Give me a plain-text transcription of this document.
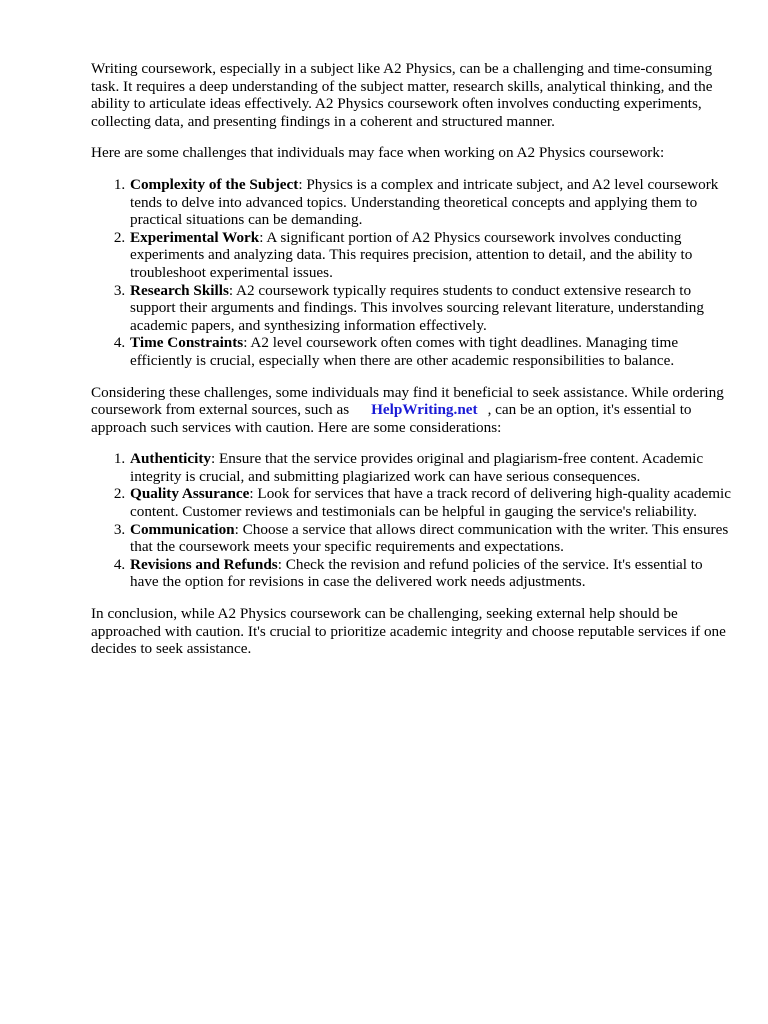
Writing coursework, especially in a subject like A2 Physics, can be a challenging and time-consuming task. It requires a deep understanding of the subject matter, research skills, analytical thinking, and the ability to articulate ideas effectively. A2 Physics coursework often involves conducting experiments, collecting data, and presenting findings in a coherent and structured manner.

Here are some challenges that individuals may face when working on A2 Physics coursework:

1. Complexity of the Subject: Physics is a complex and intricate subject, and A2 level coursework tends to delve into advanced topics. Understanding theoretical concepts and applying them to practical situations can be demanding.
2. Experimental Work: A significant portion of A2 Physics coursework involves conducting experiments and analyzing data. This requires precision, attention to detail, and the ability to troubleshoot experimental issues.
3. Research Skills: A2 coursework typically requires students to conduct extensive research to support their arguments and findings. This involves sourcing relevant literature, understanding academic papers, and synthesizing information effectively.
4. Time Constraints: A2 level coursework often comes with tight deadlines. Managing time efficiently is crucial, especially when there are other academic responsibilities to balance.

Considering these challenges, some individuals may find it beneficial to seek assistance. While ordering coursework from external sources, such as HelpWriting.net , can be an option, it's essential to approach such services with caution. Here are some considerations:

1. Authenticity: Ensure that the service provides original and plagiarism-free content. Academic integrity is crucial, and submitting plagiarized work can have serious consequences.
2. Quality Assurance: Look for services that have a track record of delivering high-quality academic content. Customer reviews and testimonials can be helpful in gauging the service's reliability.
3. Communication: Choose a service that allows direct communication with the writer. This ensures that the coursework meets your specific requirements and expectations.
4. Revisions and Refunds: Check the revision and refund policies of the service. It's essential to have the option for revisions in case the delivered work needs adjustments.

In conclusion, while A2 Physics coursework can be challenging, seeking external help should be approached with caution. It's crucial to prioritize academic integrity and choose reputable services if one decides to seek assistance.
